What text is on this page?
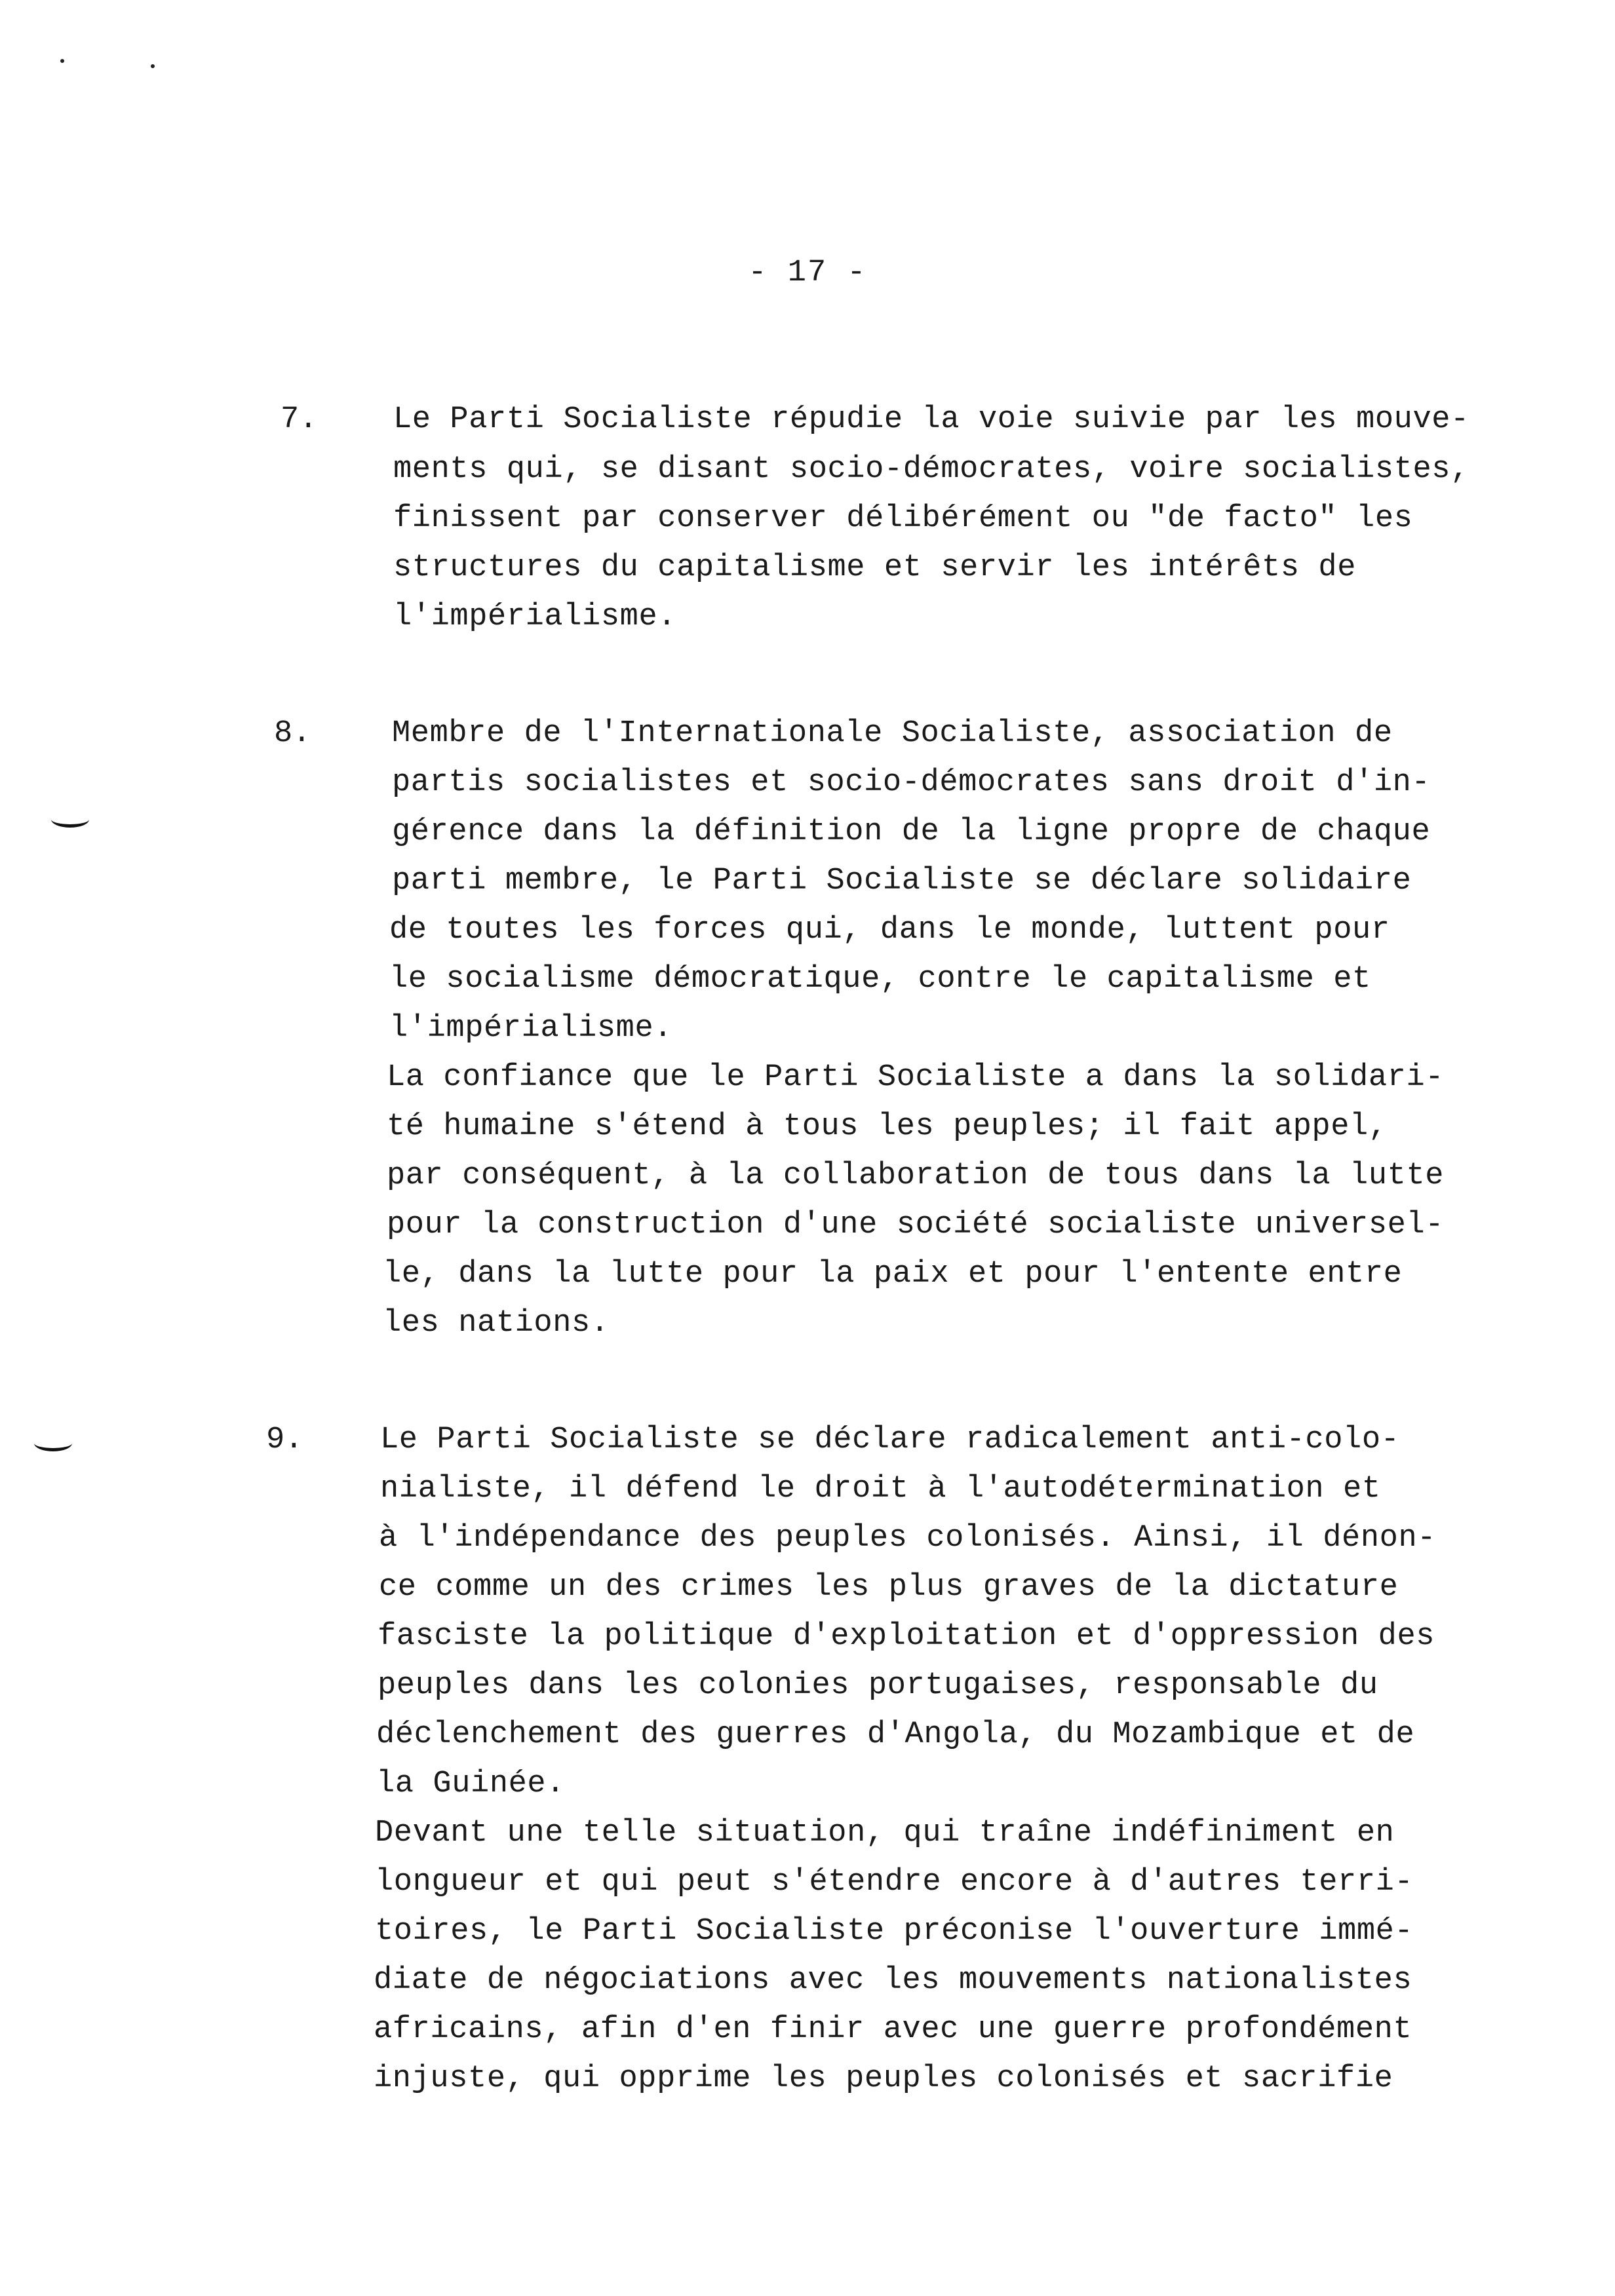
- 17 -
7. Le Parti Socialiste répudie la voie suivie par les mouve-
ments qui, se disant socio-démocrates, voire socialistes,
finissent par conserver délibérément ou "de facto" les
structures du capitalisme et servir les intérêts de
l'impérialisme.
8.	Membre de l'Internationale Socialiste, association de
partis socialistes et socio-démocrates sans droit d'in-
gérence dans la définition de la ligne propre de chaque
parti membre, le Parti Socialiste se déclare solidaire
de toutes les forces qui, dans le monde, luttent pour
le socialisme démocratique, contre le capitalisme et
l'impérialisme.
La confiance que le Parti Socialiste a dans la solidari-
té humaine s'étend à tous les peuples; il fait appel,
par conséquent, à la collaboration de tous dans la lutte
pour la construction d'une société socialiste universel-
le, dans la lutte pour la paix et pour l'entente entre
les nations.
9.	Le Parti Socialiste se déclare radicalement anti-colo-
nialiste, il défend le droit à l'autodétermination et
à l'indépendance des peuples colonisés. Ainsi, il dénon-
ce comme un des crimes les plus graves de la dictature
fasciste la politique d'exploitation et d'oppression des
peuples dans les colonies portugaises, responsable du
déclenchement des guerres d'Angola, du Mozambique et de
la Guinée.
Devant une telle situation, qui traîne indéfiniment en
longueur et qui peut s'étendre encore à d'autres terri-
toires, le Parti Socialiste préconise l'ouverture immé-
diate de négociations avec les mouvements nationalistes
africains, afin d'en finir avec une guerre profondément
injuste, qui opprime les peuples colonisés et sacrifie
